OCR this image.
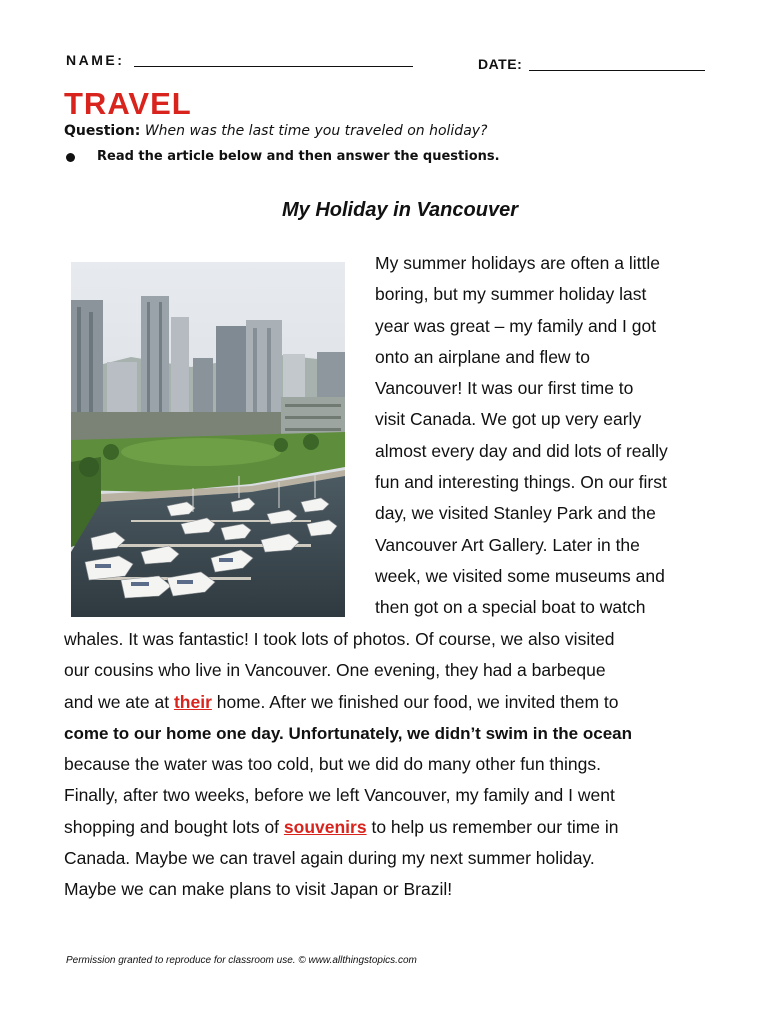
NAME:	DATE:
TRAVEL
Question: When was the last time you traveled on holiday?
Read the article below and then answer the questions.
My Holiday in Vancouver
My summer holidays are often a little
boring, but my summer holiday last
year was great – my family and I got
onto an airplane and flew to
Vancouver! It was our first time to
visit Canada. We got up very early
almost every day and did lots of really
fun and interesting things. On our first
day, we visited Stanley Park and the
Vancouver Art Gallery. Later in the
week, we visited some museums and
then got on a special boat to watch
whales. It was fantastic! I took lots of photos. Of course, we also visited
our cousins who live in Vancouver. One evening, they had a barbeque
and we ate at their home. After we finished our food, we invited them to
come to our home one day. Unfortunately, we didn’t swim in the ocean
because the water was too cold, but we did do many other fun things.
Finally, after two weeks, before we left Vancouver, my family and I went
shopping and bought lots of souvenirs to help us remember our time in
Canada. Maybe we can travel again during my next summer holiday.
Maybe we can make plans to visit Japan or Brazil!
Permission granted to reproduce for classroom use. © www.allthingstopics.com
